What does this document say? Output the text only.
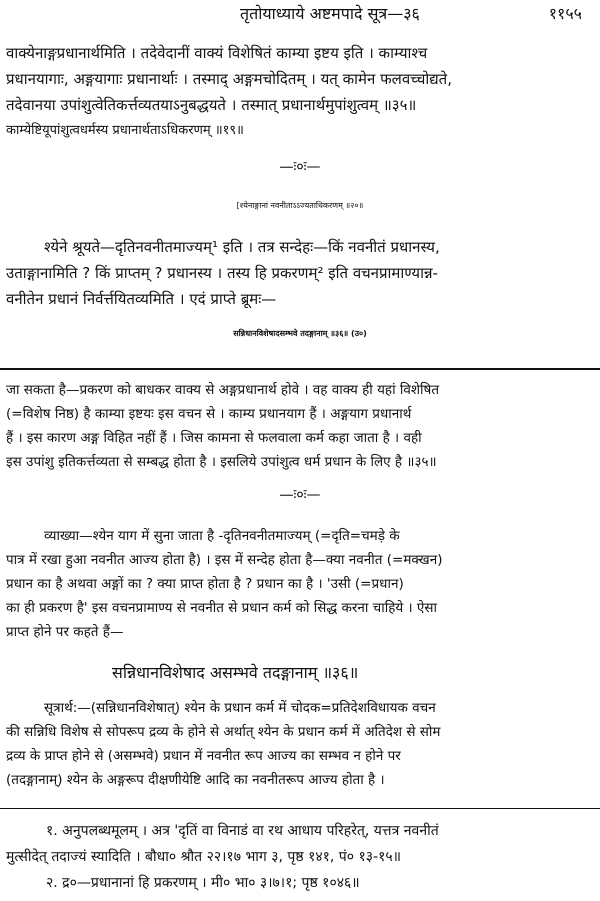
तृतोयाध्याये अष्टमपादे सूत्र—३६	११५५
वाक्येनाङ्गप्रधानार्थमिति । तदेवेदानीं वाक्यं विशेषितं काम्या इष्टय इति । काम्याश्च
प्रधानयागाः, अङ्गयागाः प्रधानार्थाः । तस्माद् अङ्गमचोदितम् । यत् कामेन फलवच्चोद्यते,
तदेवानया उपांशुत्वेतिकर्त्तव्यतयाऽनुबद्धयते । तस्मात् प्रधानार्थमुपांशुत्वम् ॥३५॥
काम्येष्टियूपांशुत्वधर्मस्य प्रधानार्थताऽधिकरणम् ॥१९॥
—ः०ः—
[श्येनाङ्गानां नवनीताऽऽज्यताधिकरणम् ॥२०॥
श्येने श्रूयते—दृतिनवनीतमाज्यम्¹ इति । तत्र सन्देहः—किं नवनीतं प्रधानस्य,
उताङ्गानामिति ? किं प्राप्तम् ? प्रधानस्य । तस्य हि प्रकरणम्² इति वचनप्रामाण्यान्न-
वनीतेन प्रधानं निर्वर्त्तयितव्यमिति । एदं प्राप्ते ब्रूमः—
सन्निधानविशेषादसम्भवे तदङ्गानाम् ॥३६॥ (उ०)
जा सकता है—प्रकरण को बाधकर वाक्य से अङ्गप्रधानार्थ होवे । वह वाक्य ही यहां विशेषित
(=विशेष निष्ठ) है काम्या इष्टयः इस वचन से । काम्य प्रधानयाग हैं । अङ्गयाग प्रधानार्थ
हैं । इस कारण अङ्ग विहित नहीं हैं । जिस कामना से फलवाला कर्म कहा जाता है । वही
इस उपांशु इतिकर्त्तव्यता से सम्बद्ध होता है । इसलिये उपांशुत्व धर्म प्रधान के लिए है ॥३५॥
—ः०ः—
व्याख्या—श्येन याग में सुना जाता है -दृतिनवनीतमाज्यम् (=दृति=चमड़े के
पात्र में रखा हुआ नवनीत आज्य होता है) । इस में सन्देह होता है—क्या नवनीत (=मक्खन)
प्रधान का है अथवा अङ्गों का ? क्या प्राप्त होता है ? प्रधान का है । 'उसी (=प्रधान)
का ही प्रकरण है' इस वचनप्रामाण्य से नवनीत से प्रधान कर्म को सिद्ध करना चाहिये । ऐसा
प्राप्त होने पर कहते हैं—
सन्निधानविशेषाद असम्भवे तदङ्गानाम् ॥३६॥
सूत्रार्थ:—(सन्निधानविशेषात्) श्येन के प्रधान कर्म में चोदक=प्रतिदेशविधायक वचन
की सन्निधि विशेष से सोपरूप द्रव्य के होने से अर्थात् श्येन के प्रधान कर्म में अतिदेश से सोम
द्रव्य के प्राप्त होने से (असम्भवे) प्रधान में नवनीत रूप आज्य का सम्भव न होने पर
(तदङ्गानाम्) श्येन के अङ्गरूप दीक्षणीयेष्टि आदि का नवनीतरूप आज्य होता है ।
१. अनुपलब्धमूलम् । अत्र 'दृतिं वा विनाडं वा रथ आधाय परिहरेत्, यत्तत्र नवनीतं
मुत्सीदेत् तदाज्यं स्यादिति । बौधा० श्रौत २२।१७ भाग ३, पृष्ठ १४१, पं० १३-१५॥
२. द्र०—प्रधानानां हि प्रकरणम् । मी० भा० ३।७।१; पृष्ठ १०४६॥
